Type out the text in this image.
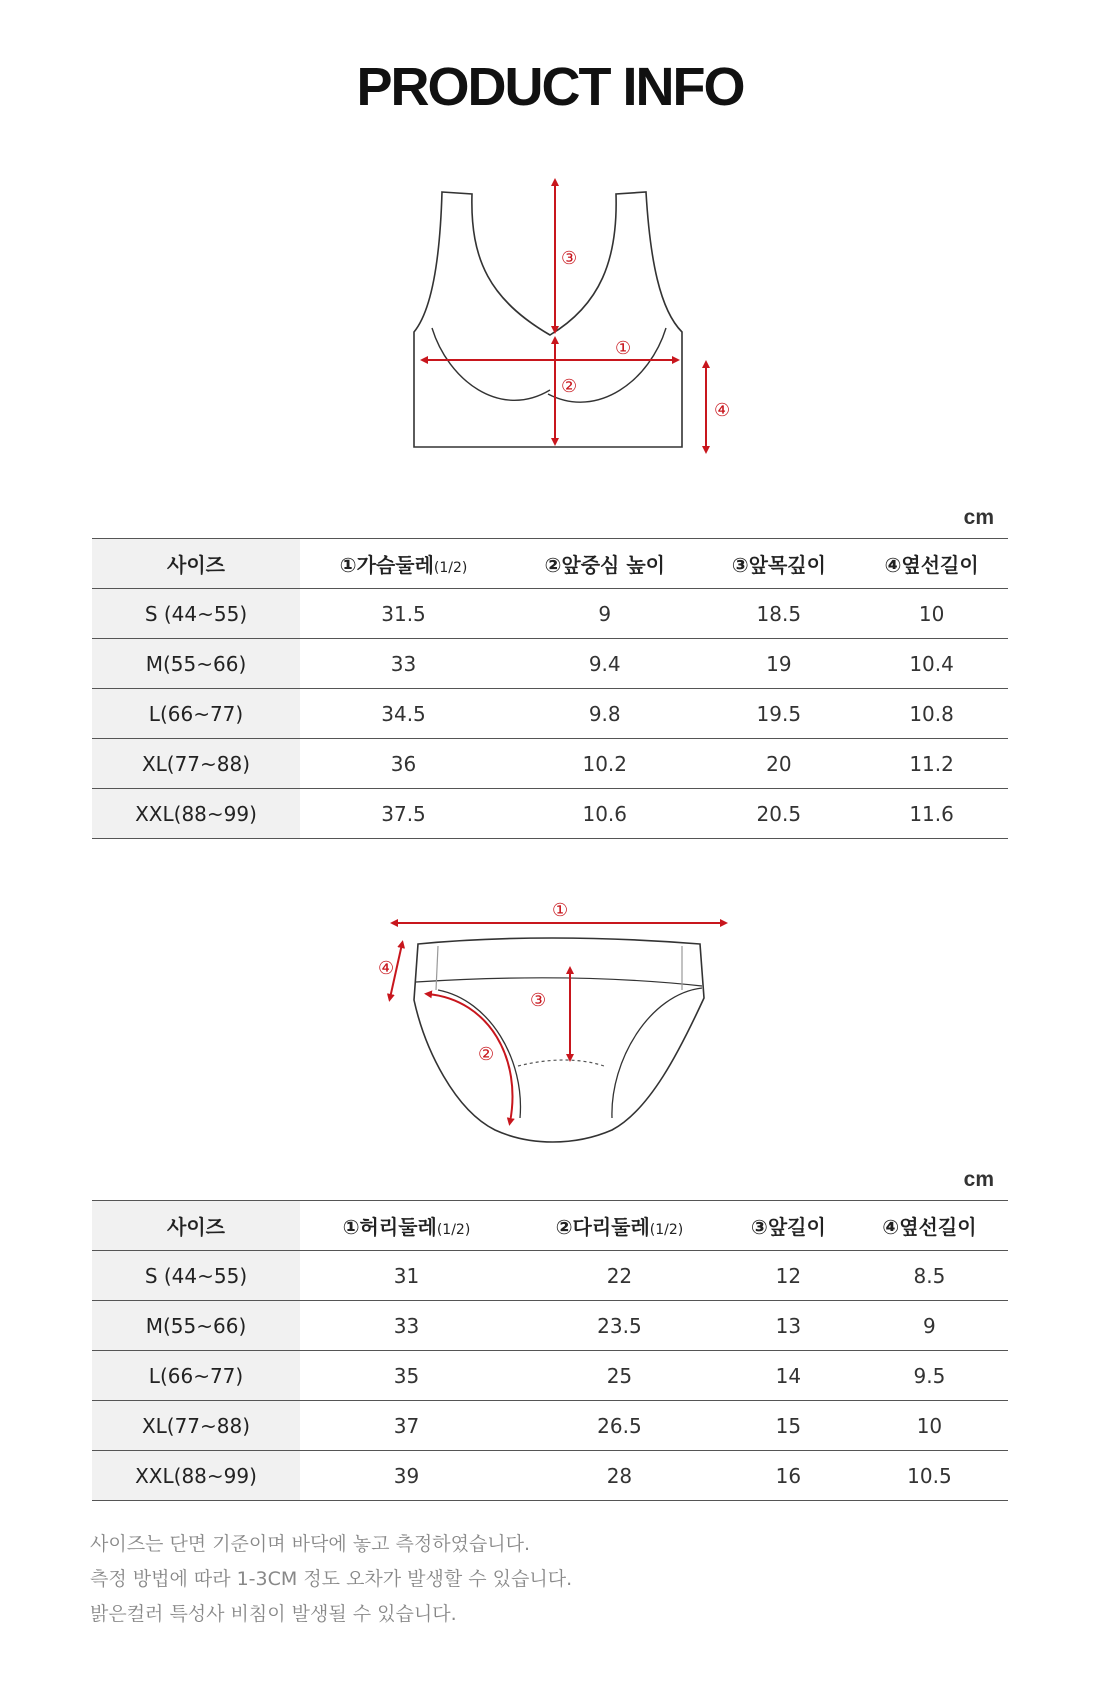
PRODUCT INFO
③
①
②
④
cm
사이즈	①가슴둘레(1/2)	②앞중심 높이	③앞목깊이	④옆선길이
S (44~55)	31.5	9	18.5	10
M(55~66)	33	9.4	19	10.4
L(66~77)	34.5	9.8	19.5	10.8
XL(77~88)	36	10.2	20	11.2
XXL(88~99)	37.5	10.6	20.5	11.6
①
④
③
②
cm
사이즈	①허리둘레(1/2)	②다리둘레(1/2)	③앞길이	④옆선길이
S (44~55)	31	22	12	8.5
M(55~66)	33	23.5	13	9
L(66~77)	35	25	14	9.5
XL(77~88)	37	26.5	15	10
XXL(88~99)	39	28	16	10.5
사이즈는 단면 기준이며 바닥에 놓고 측정하였습니다.
측정 방법에 따라 1-3CM 정도 오차가 발생할 수 있습니다.
밝은컬러 특성사 비침이 발생될 수 있습니다.
